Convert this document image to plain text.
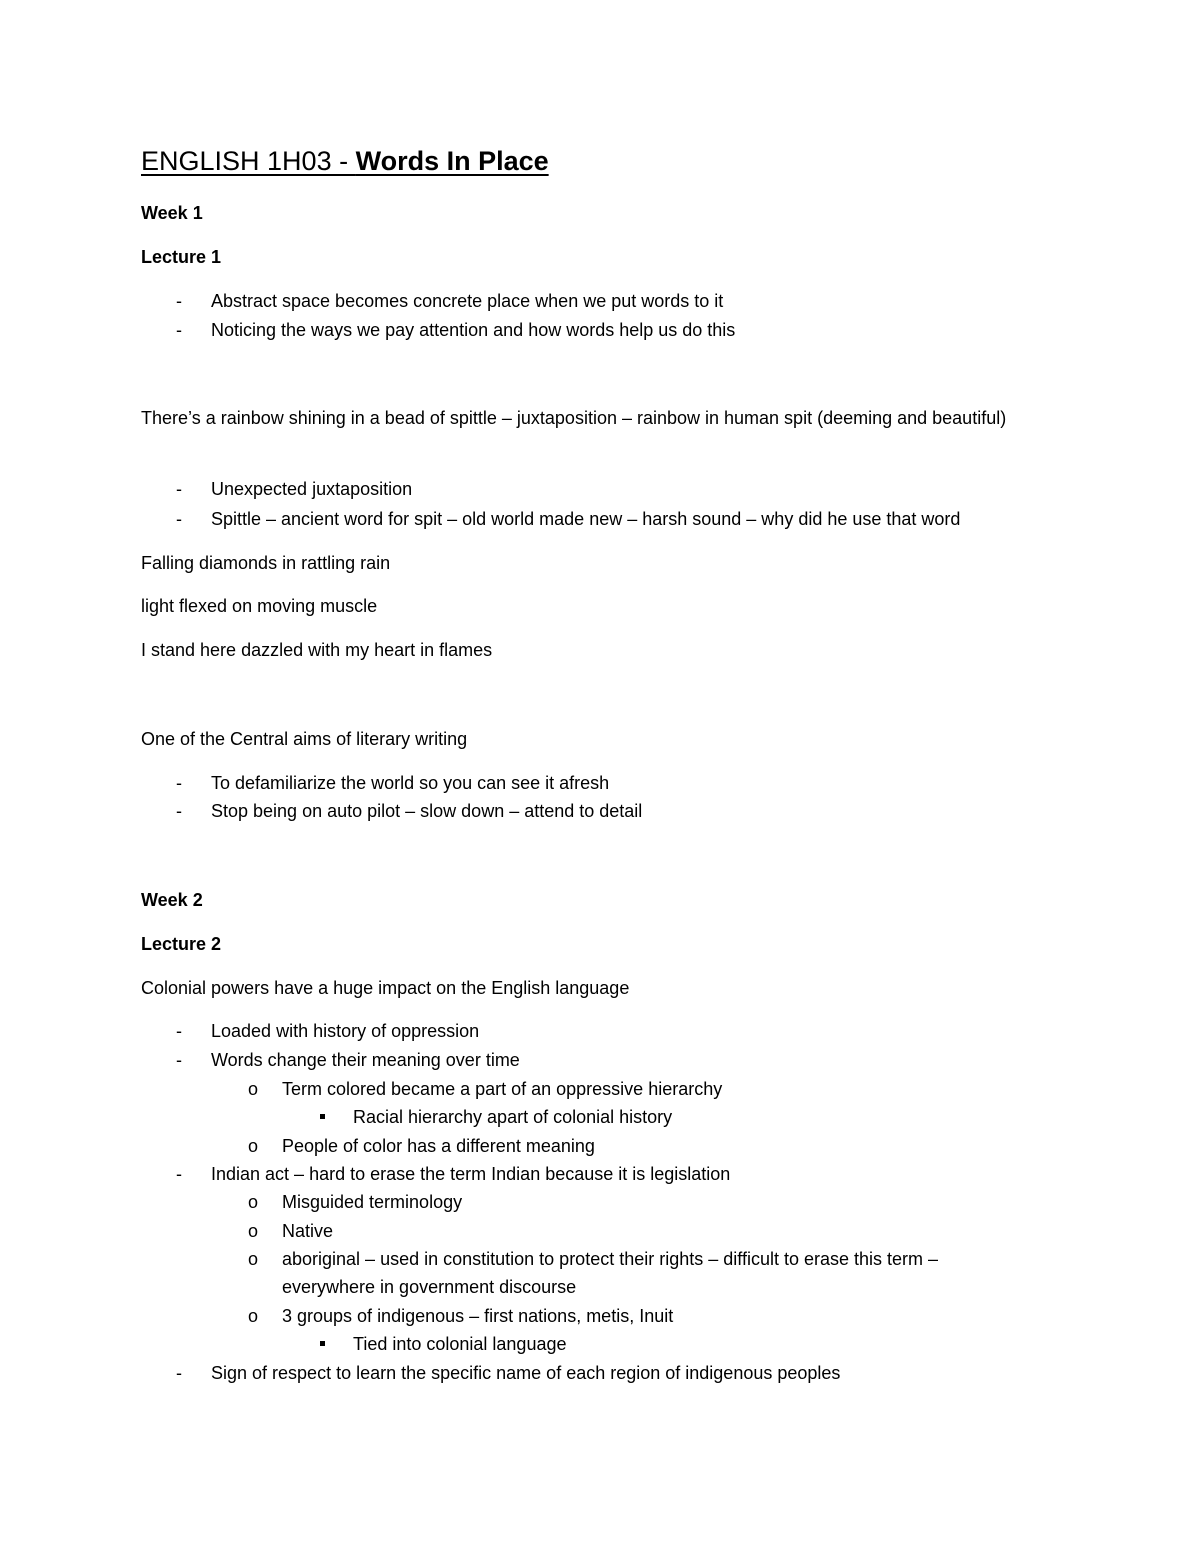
ENGLISH 1H03 - Words In Place
Week 1
Lecture 1
- Abstract space becomes concrete place when we put words to it
- Noticing the ways we pay attention and how words help us do this
There’s a rainbow shining in a bead of spittle – juxtaposition – rainbow in human spit (deeming and beautiful)
- Unexpected juxtaposition
- Spittle – ancient word for spit – old world made new – harsh sound – why did he use that word
Falling diamonds in rattling rain
light flexed on moving muscle
I stand here dazzled with my heart in flames
One of the Central aims of literary writing
- To defamiliarize the world so you can see it afresh
- Stop being on auto pilot – slow down – attend to detail
Week 2
Lecture 2
Colonial powers have a huge impact on the English language
- Loaded with history of oppression
- Words change their meaning over time
o Term colored became a part of an oppressive hierarchy
Racial hierarchy apart of colonial history
o People of color has a different meaning
- Indian act – hard to erase the term Indian because it is legislation
o Misguided terminology
o Native
o aboriginal – used in constitution to protect their rights – difficult to erase this term –
everywhere in government discourse
o 3 groups of indigenous – first nations, metis, Inuit
Tied into colonial language
- Sign of respect to learn the specific name of each region of indigenous peoples
